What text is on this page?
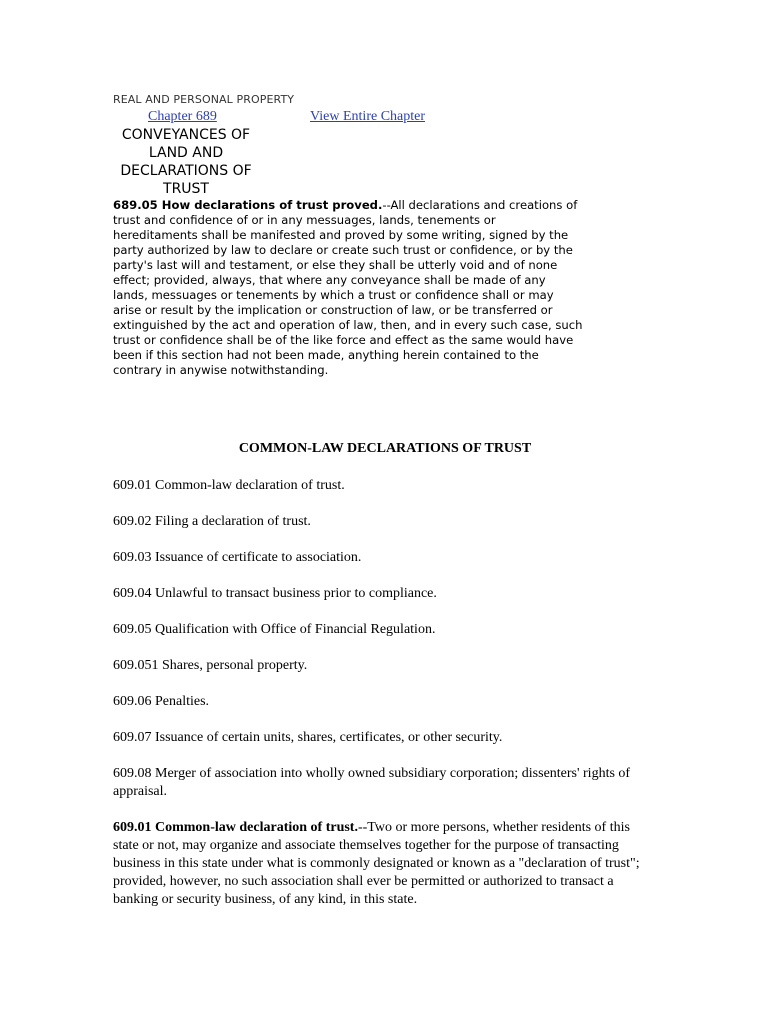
REAL AND PERSONAL PROPERTY
Chapter 689	View Entire Chapter
CONVEYANCES OF LAND AND DECLARATIONS OF TRUST
689.05 How declarations of trust proved.--All declarations and creations of trust and confidence of or in any messuages, lands, tenements or hereditaments shall be manifested and proved by some writing, signed by the party authorized by law to declare or create such trust or confidence, or by the party's last will and testament, or else they shall be utterly void and of none effect; provided, always, that where any conveyance shall be made of any lands, messuages or tenements by which a trust or confidence shall or may arise or result by the implication or construction of law, or be transferred or extinguished by the act and operation of law, then, and in every such case, such trust or confidence shall be of the like force and effect as the same would have been if this section had not been made, anything herein contained to the contrary in anywise notwithstanding.
COMMON-LAW DECLARATIONS OF TRUST
609.01 Common-law declaration of trust.
609.02 Filing a declaration of trust.
609.03 Issuance of certificate to association.
609.04 Unlawful to transact business prior to compliance.
609.05 Qualification with Office of Financial Regulation.
609.051 Shares, personal property.
609.06 Penalties.
609.07 Issuance of certain units, shares, certificates, or other security.
609.08 Merger of association into wholly owned subsidiary corporation; dissenters' rights of appraisal.
609.01 Common-law declaration of trust.--Two or more persons, whether residents of this state or not, may organize and associate themselves together for the purpose of transacting business in this state under what is commonly designated or known as a "declaration of trust"; provided, however, no such association shall ever be permitted or authorized to transact a banking or security business, of any kind, in this state.
